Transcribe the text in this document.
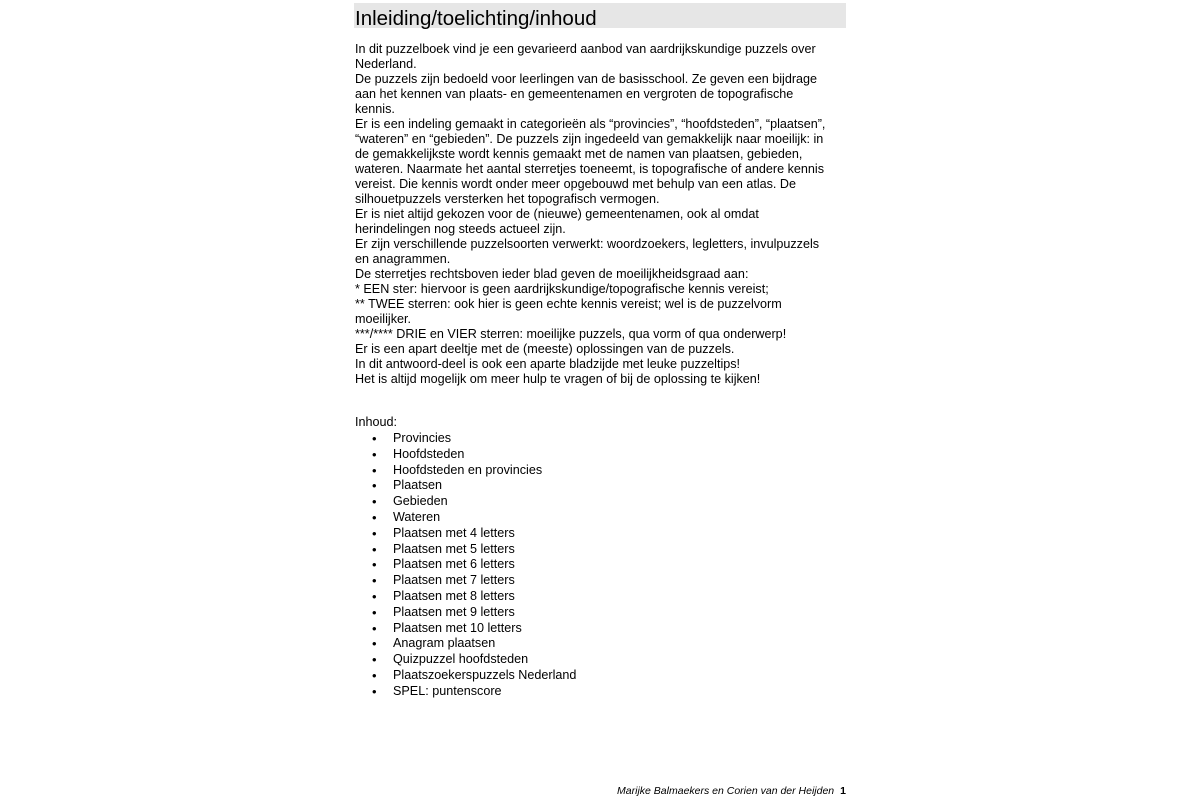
Inleiding/toelichting/inhoud
In dit puzzelboek vind je een gevarieerd aanbod van aardrijkskundige puzzels over
Nederland.
De puzzels zijn bedoeld voor leerlingen van de basisschool. Ze geven een bijdrage
aan het kennen van plaats- en gemeentenamen en vergroten de topografische
kennis.
Er is een indeling gemaakt in categorieën als “provincies”, “hoofdsteden”, “plaatsen”,
“wateren” en “gebieden”. De puzzels zijn ingedeeld van gemakkelijk naar moeilijk: in
de gemakkelijkste wordt kennis gemaakt met de namen van plaatsen, gebieden,
wateren. Naarmate het aantal sterretjes toeneemt, is topografische of andere kennis
vereist. Die kennis wordt onder meer opgebouwd met behulp van een atlas. De
silhouetpuzzels versterken het topografisch vermogen.
Er is niet altijd gekozen voor de (nieuwe) gemeentenamen, ook al omdat
herindelingen nog steeds actueel zijn.
Er zijn verschillende puzzelsoorten verwerkt: woordzoekers, legletters, invulpuzzels
en anagrammen.
De sterretjes rechtsboven ieder blad geven de moeilijkheidsgraad aan:
* EEN ster: hiervoor is geen aardrijkskundige/topografische kennis vereist;
** TWEE sterren: ook hier is geen echte kennis vereist; wel is de puzzelvorm
moeilijker.
***/**** DRIE en VIER sterren: moeilijke puzzels, qua vorm of qua onderwerp!
Er is een apart deeltje met de (meeste) oplossingen van de puzzels.
In dit antwoord-deel is ook een aparte bladzijde met leuke puzzeltips!
Het is altijd mogelijk om meer hulp te vragen of bij de oplossing te kijken!
Inhoud:
• Provincies
• Hoofdsteden
• Hoofdsteden en provincies
• Plaatsen
• Gebieden
• Wateren
• Plaatsen met 4 letters
• Plaatsen met 5 letters
• Plaatsen met 6 letters
• Plaatsen met 7 letters
• Plaatsen met 8 letters
• Plaatsen met 9 letters
• Plaatsen met 10 letters
• Anagram plaatsen
• Quizpuzzel hoofdsteden
• Plaatszoekerspuzzels Nederland
• SPEL: puntenscore
Marijke Balmaekers en Corien van der Heijden 1
